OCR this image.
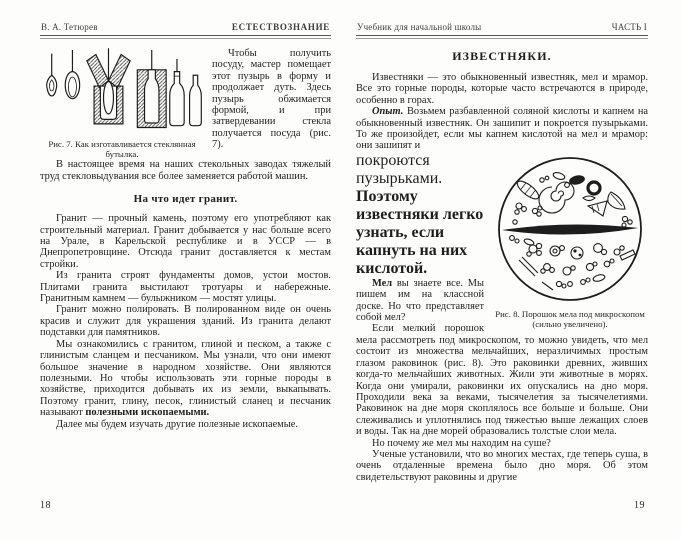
В. А. Тетюрев	ЕСТЕСТВОЗНАНИЕ
Рис. 7. Как изготавливается стеклянная бутылка.

Чтобы получить посуду, мастер помещает этот пузырь в форму и продолжает дуть. Здесь пузырь обжимается формой, и при затвердевании стекла получается посуда (рис. 7).

В настоящее время на наших стекольных заводах тяжелый труд стекловыдувания все более заменяется работой машин.

На что идет гранит.

Гранит — прочный камень, поэтому его употребляют как строительный материал. Гранит добывается у нас больше всего на Урале, в Карельской республике и в УССР — в Днепропетровщине. Отсюда гранит доставляется к местам стройки.

Из гранита строят фундаменты домов, устои мостов. Плитами гранита выстилают тротуары и набережные. Гранитным камнем — булыжником — мостят улицы.

Гранит можно полировать. В полированном виде он очень красив и служит для украшения зданий. Из гранита делают подставки для памятников.

Мы ознакомились с гранитом, глиной и песком, а также с глинистым сланцем и песчаником. Мы узнали, что они имеют большое значение в народном хозяйстве. Они являются полезными. Но чтобы использовать эти горные породы в хозяйстве, приходится добывать их из земли, выкапывать. Поэтому гранит, глину, песок, глинистый сланец и песчаник называют полезными ископаемыми.

Далее мы будем изучать другие полезные ископаемые.

Учебник для начальной школы	ЧАСТЬ I
ИЗВЕСТНЯКИ.

Известняки — это обыкновенный известняк, мел и мрамор. Все это горные породы, которые часто встречаются в природе, особенно в горах.

Опыт. Возьмем разбавленной соляной кислоты и капнем на обыкновенный известняк. Он зашипит и покроется пузырьками. То же произойдет, если мы капнем кислотой на мел и мрамор: они зашипят и

Рис. 8. Порошок мела под микроскопом (сильно увеличено).
покроются пузырьками. Поэтому известняки легко узнать, если капнуть на них кислотой.

Мел вы знаете все. Мы пишем им на классной доске. Но что представляет собой мел?

Если мелкий порошок мела рассмотреть под микроскопом, то можно увидеть, что мел состоит из множества мельчайших, неразличимых простым глазом раковинок (рис. 8). Это раковинки древних, живших когда-то мельчайших животных. Жили эти животные в морях. Когда они умирали, раковинки их опускались на дно моря. Проходили века за веками, тысячелетия за тысячелетиями. Раковинок на дне моря скоплялось все больше и больше. Они слеживались и уплотнялись под тяжестью выше лежащих слоев и воды. Так на дне морей образовались толстые слои мела.

Но почему же мел мы находим на суше?

Ученые установили, что во многих местах, где теперь суша, в очень отдаленные времена было дно моря. Об этом свидетельствуют раковины и другие

18	19
